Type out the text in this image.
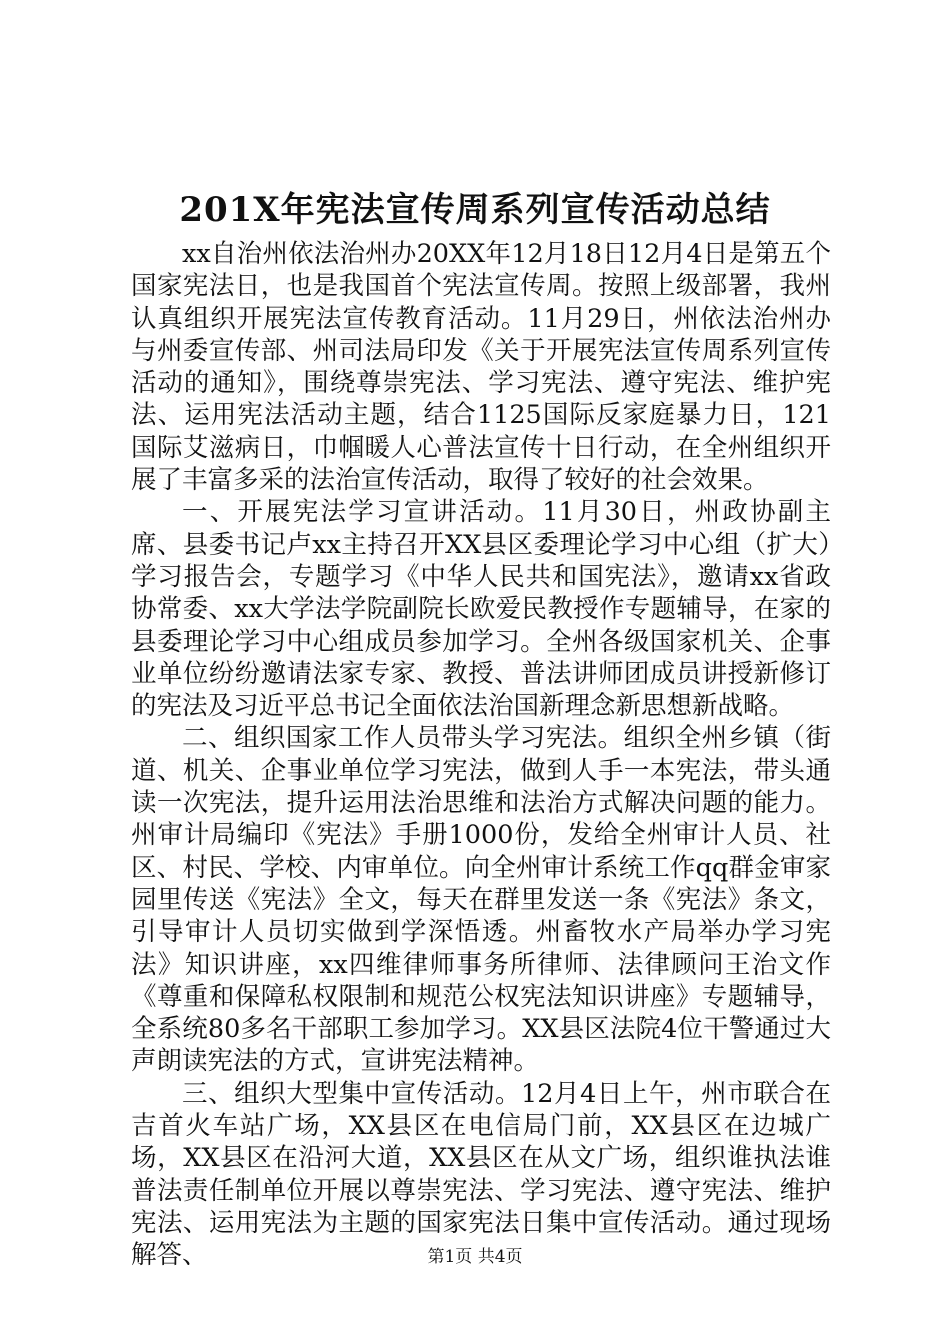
201X年宪法宣传周系列宣传活动总结

xx自治州依法治州办20XX年12月18日12月4日是第五个国家宪法日，也是我国首个宪法宣传周。按照上级部署，我州认真组织开展宪法宣传教育活动。11月29日，州依法治州办与州委宣传部、州司法局印发《关于开展宪法宣传周系列宣传活动的通知》，围绕尊崇宪法、学习宪法、遵守宪法、维护宪法、运用宪法活动主题，结合1125国际反家庭暴力日，121国际艾滋病日，巾帼暖人心普法宣传十日行动，在全州组织开展了丰富多采的法治宣传活动，取得了较好的社会效果。

一、开展宪法学习宣讲活动。11月30日，州政协副主席、县委书记卢xx主持召开XX县区委理论学习中心组（扩大）学习报告会，专题学习《中华人民共和国宪法》，邀请xx省政协常委、xx大学法学院副院长欧爱民教授作专题辅导，在家的县委理论学习中心组成员参加学习。全州各级国家机关、企事业单位纷纷邀请法家专家、教授、普法讲师团成员讲授新修订的宪法及习近平总书记全面依法治国新理念新思想新战略。

二、组织国家工作人员带头学习宪法。组织全州乡镇（街道、机关、企事业单位学习宪法，做到人手一本宪法，带头通读一次宪法，提升运用法治思维和法治方式解决问题的能力。州审计局编印《宪法》手册1000份，发给全州审计人员、社区、村民、学校、内审单位。向全州审计系统工作qq群金审家园里传送《宪法》全文，每天在群里发送一条《宪法》条文，引导审计人员切实做到学深悟透。州畜牧水产局举办学习宪法》知识讲座，xx四维律师事务所律师、法律顾问王治文作《尊重和保障私权限制和规范公权宪法知识讲座》专题辅导，全系统80多名干部职工参加学习。XX县区法院4位干警通过大声朗读宪法的方式，宣讲宪法精神。

三、组织大型集中宣传活动。12月4日上午，州市联合在吉首火车站广场，XX县区在电信局门前，XX县区在边城广场，XX县区在沿河大道，XX县区在从文广场，组织谁执法谁普法责任制单位开展以尊崇宪法、学习宪法、遵守宪法、维护宪法、运用宪法为主题的国家宪法日集中宣传活动。通过现场解答、	第1页 共4页
